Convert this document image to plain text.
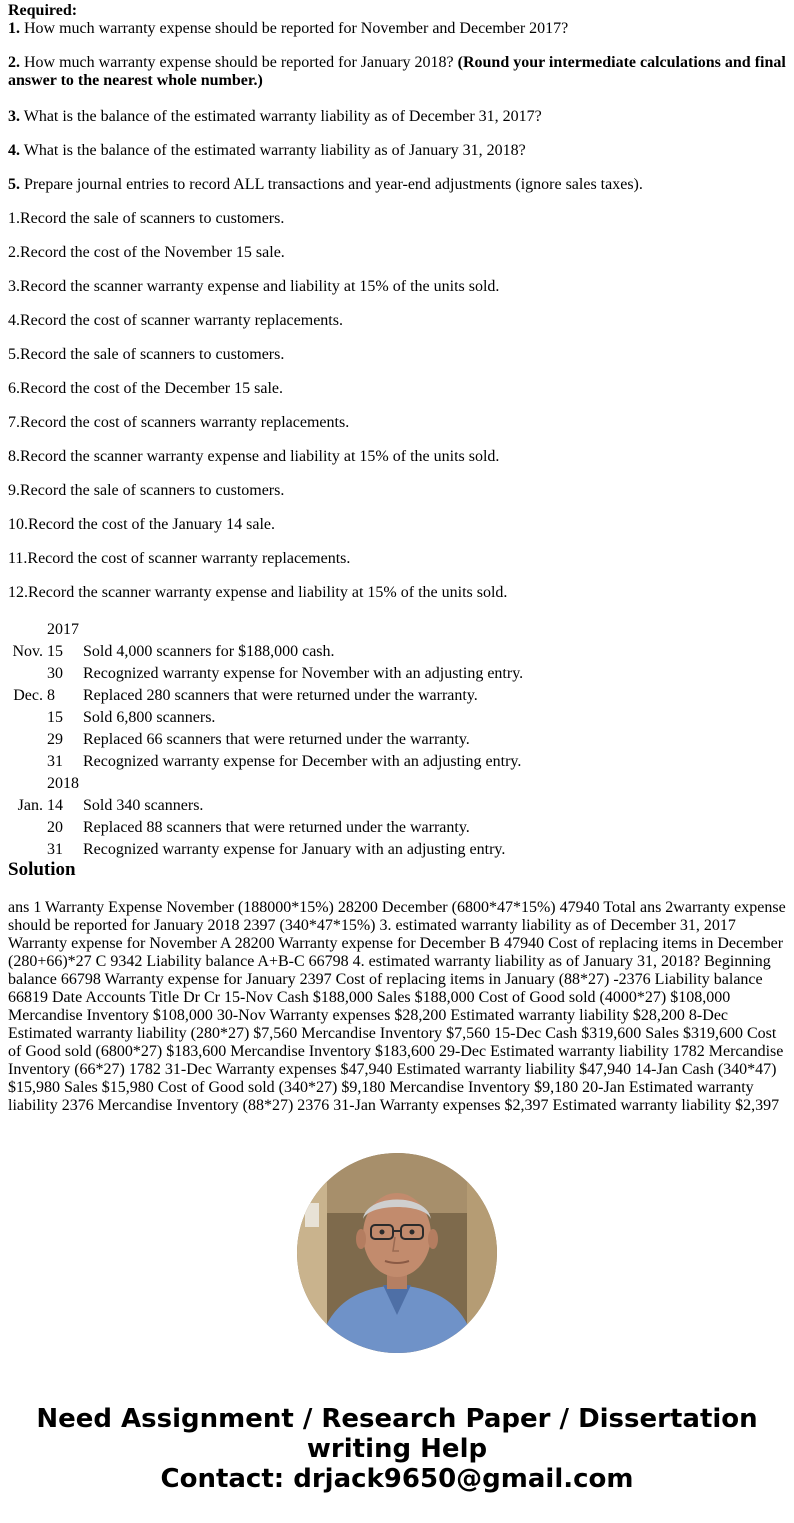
Required:
1. How much warranty expense should be reported for November and December 2017?
2. How much warranty expense should be reported for January 2018? (Round your intermediate calculations and final answer to the nearest whole number.)
3. What is the balance of the estimated warranty liability as of December 31, 2017?
4. What is the balance of the estimated warranty liability as of January 31, 2018?
5. Prepare journal entries to record ALL transactions and year-end adjustments (ignore sales taxes).
1.Record the sale of scanners to customers.
2.Record the cost of the November 15 sale.
3.Record the scanner warranty expense and liability at 15% of the units sold.
4.Record the cost of scanner warranty replacements.
5.Record the sale of scanners to customers.
6.Record the cost of the December 15 sale.
7.Record the cost of scanners warranty replacements.
8.Record the scanner warranty expense and liability at 15% of the units sold.
9.Record the sale of scanners to customers.
10.Record the cost of the January 14 sale.
11.Record the cost of scanner warranty replacements.
12.Record the scanner warranty expense and liability at 15% of the units sold.
	2017	
Nov.	15	Sold 4,000 scanners for $188,000 cash.
	30	Recognized warranty expense for November with an adjusting entry.
Dec.	8	Replaced 280 scanners that were returned under the warranty.
	15	Sold 6,800 scanners.
	29	Replaced 66 scanners that were returned under the warranty.
	31	Recognized warranty expense for December with an adjusting entry.
	2018	
Jan.	14	Sold 340 scanners.
	20	Replaced 88 scanners that were returned under the warranty.
	31	Recognized warranty expense for January with an adjusting entry.
Solution
ans 1 Warranty Expense November (188000*15%) 28200 December (6800*47*15%) 47940 Total ans 2warranty expense should be reported for January 2018 2397 (340*47*15%) 3. estimated warranty liability as of December 31, 2017 Warranty expense for November A 28200 Warranty expense for December B 47940 Cost of replacing items in December (280+66)*27 C 9342 Liability balance A+B-C 66798 4. estimated warranty liability as of January 31, 2018? Beginning balance 66798 Warranty expense for January 2397 Cost of replacing items in January (88*27) -2376 Liability balance 66819 Date Accounts Title Dr Cr 15-Nov Cash $188,000 Sales $188,000 Cost of Good sold (4000*27) $108,000 Mercandise Inventory $108,000 30-Nov Warranty expenses $28,200 Estimated warranty liability $28,200 8-Dec Estimated warranty liability (280*27) $7,560 Mercandise Inventory $7,560 15-Dec Cash $319,600 Sales $319,600 Cost of Good sold (6800*27) $183,600 Mercandise Inventory $183,600 29-Dec Estimated warranty liability 1782 Mercandise Inventory (66*27) 1782 31-Dec Warranty expenses $47,940 Estimated warranty liability $47,940 14-Jan Cash (340*47) $15,980 Sales $15,980 Cost of Good sold (340*27) $9,180 Mercandise Inventory $9,180 20-Jan Estimated warranty liability 2376 Mercandise Inventory (88*27) 2376 31-Jan Warranty expenses $2,397 Estimated warranty liability $2,397
Need Assignment / Research Paper / Dissertation
writing Help
Contact: drjack9650@gmail.com
